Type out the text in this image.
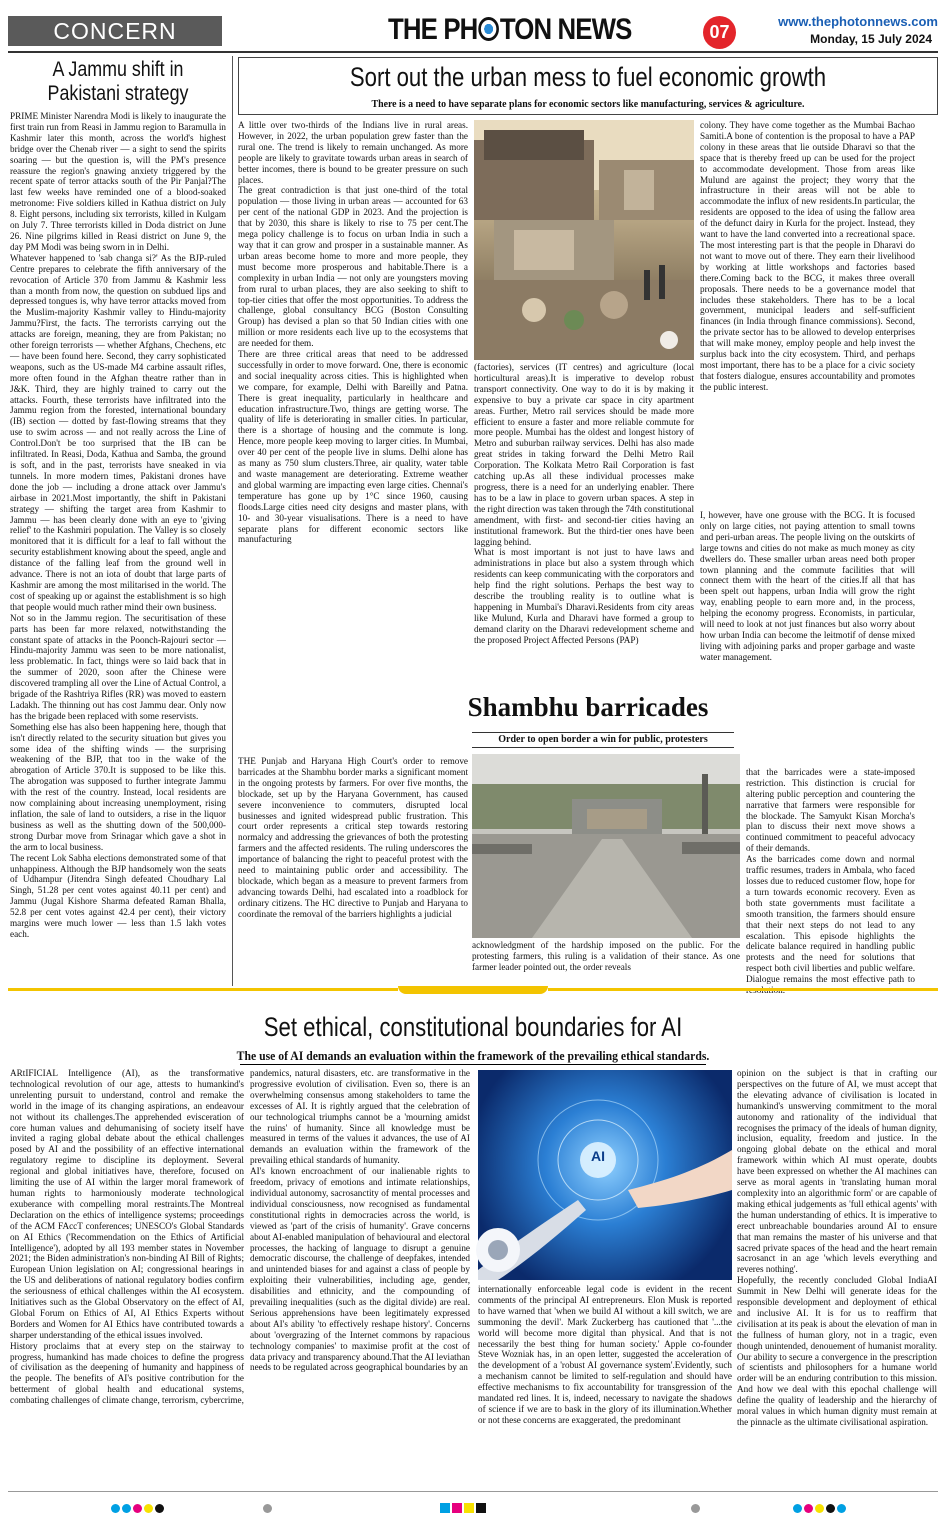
CONCERN	THE PH TON NEWS	07
www.thephotonnews.com
Monday, 15 July 2024
A Jammu shift in
Pakistani strategy

PRIME Minister Narendra Modi is likely to inaugurate the first train run from Reasi in Jammu region to Baramulla in Kashmir later this month, across the world's highest bridge over the Chenab river — a sight to send the spirits soaring — but the question is, will the PM's presence reassure the region's gnawing anxiety triggered by the recent spate of terror attacks south of the Pir Panjal?The last few weeks have reminded one of a blood-soaked metronome: Five soldiers killed in Kathua district on July 8. Eight persons, including six terrorists, killed in Kulgam on July 7. Three terrorists killed in Doda district on June 26. Nine pilgrims killed in Reasi district on June 9, the day PM Modi was being sworn in in Delhi.

Whatever happened to 'sab changa si?' As the BJP-ruled Centre prepares to celebrate the fifth anniversary of the revocation of Article 370 from Jammu & Kashmir less than a month from now, the question on subdued lips and depressed tongues is, why have terror attacks moved from the Muslim-majority Kashmir valley to Hindu-majority Jammu?First, the facts. The terrorists carrying out the attacks are foreign, meaning, they are from Pakistan; no other foreign terrorists — whether Afghans, Chechens, etc — have been found here. Second, they carry sophisticated weapons, such as the US-made M4 carbine assault rifles, more often found in the Afghan theatre rather than in J&K. Third, they are highly trained to carry out the attacks. Fourth, these terrorists have infiltrated into the Jammu region from the forested, international boundary (IB) section — dotted by fast-flowing streams that they use to swim across — and not really across the Line of Control.Don't be too surprised that the IB can be infiltrated. In Reasi, Doda, Kathua and Samba, the ground is soft, and in the past, terrorists have sneaked in via tunnels. In more modern times, Pakistani drones have done the job — including a drone attack over Jammu's airbase in 2021.Most importantly, the shift in Pakistani strategy — shifting the target area from Kashmir to Jammu — has been clearly done with an eye to 'giving relief' to the Kashmiri population. The Valley is so closely monitored that it is difficult for a leaf to fall without the security establishment knowing about the speed, angle and distance of the falling leaf from the ground well in advance. There is not an iota of doubt that large parts of Kashmir are among the most militarised in the world. The cost of speaking up or against the establishment is so high that people would much rather mind their own business.

Not so in the Jammu region. The securitisation of these parts has been far more relaxed, notwithstanding the constant spate of attacks in the Poonch-Rajouri sector — Hindu-majority Jammu was seen to be more nationalist, less problematic. In fact, things were so laid back that in the summer of 2020, soon after the Chinese were discovered trampling all over the Line of Actual Control, a brigade of the Rashtriya Rifles (RR) was moved to eastern Ladakh. The thinning out has cost Jammu dear. Only now has the brigade been replaced with some reservists.

Something else has also been happening here, though that isn't directly related to the security situation but gives you some idea of the shifting winds — the surprising weakening of the BJP, that too in the wake of the abrogation of Article 370.It is supposed to be like this. The abrogation was supposed to further integrate Jammu with the rest of the country. Instead, local residents are now complaining about increasing unemployment, rising inflation, the sale of land to outsiders, a rise in the liquor business as well as the shutting down of the 500,000-strong Durbar move from Srinagar which gave a shot in the arm to local business.

The recent Lok Sabha elections demonstrated some of that unhappiness. Although the BJP handsomely won the seats of Udhampur (Jitendra Singh defeated Choudhary Lal Singh, 51.28 per cent votes against 40.11 per cent) and Jammu (Jugal Kishore Sharma defeated Raman Bhalla, 52.8 per cent votes against 42.4 per cent), their victory margins were much lower — less than 1.5 lakh votes each.

Sort out the urban mess to fuel economic growth
There is a need to have separate plans for economic sectors like manufacturing, services & agriculture.

A little over two-thirds of the Indians live in rural areas. However, in 2022, the urban population grew faster than the rural one. The trend is likely to remain unchanged. As more people are likely to gravitate towards urban areas in search of better incomes, there is bound to be greater pressure on such places.

The great contradiction is that just one-third of the total population — those living in urban areas — accounted for 63 per cent of the national GDP in 2023. And the projection is that by 2030, this share is likely to rise to 75 per cent.The mega policy challenge is to focus on urban India in such a way that it can grow and prosper in a sustainable manner. As urban areas become home to more and more people, they must become more prosperous and habitable.There is a complexity in urban India — not only are youngsters moving from rural to urban places, they are also seeking to shift to top-tier cities that offer the most opportunities. To address the challenge, global consultancy BCG (Boston Consulting Group) has devised a plan so that 50 Indian cities with one million or more residents each live up to the ecosystems that are needed for them.

There are three critical areas that need to be addressed successfully in order to move forward. One, there is economic and social inequality across cities. This is highlighted when we compare, for example, Delhi with Bareilly and Patna. There is great inequality, particularly in healthcare and education infrastructure.Two, things are getting worse. The quality of life is deteriorating in smaller cities. In particular, there is a shortage of housing and the commute is long. Hence, more people keep moving to larger cities. In Mumbai, over 40 per cent of the people live in slums. Delhi alone has as many as 750 slum clusters.Three, air quality, water table and waste management are deteriorating. Extreme weather and global warming are impacting even large cities. Chennai's temperature has gone up by 1°C since 1960, causing floods.Large cities need city designs and master plans, with 10- and 30-year visualisations. There is a need to have separate plans for different economic sectors like manufacturing

(factories), services (IT centres) and agriculture (local horticultural areas).It is imperative to develop robust transport connectivity. One way to do it is by making it expensive to buy a private car space in city apartment areas. Further, Metro rail services should be made more efficient to ensure a faster and more reliable commute for more people. Mumbai has the oldest and longest history of Metro and suburban railway services. Delhi has also made great strides in taking forward the Delhi Metro Rail Corporation. The Kolkata Metro Rail Corporation is fast catching up.As all these individual processes make progress, there is a need for an underlying enabler. There has to be a law in place to govern urban spaces. A step in the right direction was taken through the 74th constitutional amendment, with first- and second-tier cities having an institutional framework. But the third-tier ones have been lagging behind.

What is most important is not just to have laws and administrations in place but also a system through which residents can keep communicating with the corporators and help find the right solutions. Perhaps the best way to describe the troubling reality is to outline what is happening in Mumbai's Dharavi.Residents from city areas like Mulund, Kurla and Dharavi have formed a group to demand clarity on the Dharavi redevelopment scheme and the proposed Project Affected Persons (PAP)

colony. They have come together as the Mumbai Bachao Samiti.A bone of contention is the proposal to have a PAP colony in these areas that lie outside Dharavi so that the space that is thereby freed up can be used for the project to accommodate development. Those from areas like Mulund are against the project; they worry that the infrastructure in their areas will not be able to accommodate the influx of new residents.In particular, the residents are opposed to the idea of using the fallow area of the defunct dairy in Kurla for the project. Instead, they want to have the land converted into a recreational space. The most interesting part is that the people in Dharavi do not want to move out of there. They earn their livelihood by working at little workshops and factories based there.Coming back to the BCG, it makes three overall proposals. There needs to be a governance model that includes these stakeholders. There has to be a local government, municipal leaders and self-sufficient finances (in India through finance commissions). Second, the private sector has to be allowed to develop enterprises that will make money, employ people and help invest the surplus back into the city ecosystem. Third, and perhaps most important, there has to be a place for a civic society that fosters dialogue, ensures accountability and promotes the public interest.

I, however, have one grouse with the BCG. It is focused only on large cities, not paying attention to small towns and peri-urban areas. The people living on the outskirts of large towns and cities do not make as much money as city dwellers do. These smaller urban areas need both proper town planning and the commute facilities that will connect them with the heart of the cities.If all that has been spelt out happens, urban India will grow the right way, enabling people to earn more and, in the process, helping the economy progress. Economists, in particular, will need to look at not just finances but also worry about how urban India can become the leitmotif of dense mixed living with adjoining parks and proper garbage and waste water management.

Shambhu barricades
Order to open border a win for public, protesters

THE Punjab and Haryana High Court's order to remove barricades at the Shambhu border marks a significant moment in the ongoing protests by farmers. For over five months, the blockade, set up by the Haryana Government, has caused severe inconvenience to commuters, disrupted local businesses and ignited widespread public frustration. This court order represents a critical step towards restoring normalcy and addressing the grievances of both the protesting farmers and the affected residents. The ruling underscores the importance of balancing the right to peaceful protest with the need to maintaining public order and accessibility. The blockade, which began as a measure to prevent farmers from advancing towards Delhi, had escalated into a roadblock for ordinary citizens. The HC directive to Punjab and Haryana to coordinate the removal of the barriers highlights a judicial

acknowledgment of the hardship imposed on the public. For the protesting farmers, this ruling is a validation of their stance. As one farmer leader pointed out, the order reveals

that the barricades were a state-imposed restriction. This distinction is crucial for altering public perception and countering the narrative that farmers were responsible for the blockade. The Samyukt Kisan Morcha's plan to discuss their next move shows a continued commitment to peaceful advocacy of their demands.
As the barricades come down and normal traffic resumes, traders in Ambala, who faced losses due to reduced customer flow, hope for a turn towards economic recovery. Even as both state governments must facilitate a smooth transition, the farmers should ensure that their next steps do not lead to any escalation. This episode highlights the delicate balance required in handling public protests and the need for solutions that respect both civil liberties and public welfare. Dialogue remains the most effective path to

Set ethical, constitutional boundaries for AI
The use of AI demands an evaluation within the framework of the prevailing ethical standards.

ARtIFICIAL Intelligence (AI), as the transformative technological revolution of our age, attests to humankind's unrelenting pursuit to understand, control and remake the world in the image of its changing aspirations, an endeavour not without its challenges.The apprehended evisceration of core human values and dehumanising of society itself have invited a raging global debate about the ethical challenges posed by AI and the possibility of an effective international regulatory regime to discipline its deployment. Several regional and global initiatives have, therefore, focused on limiting the use of AI within the larger moral framework of human rights to harmoniously moderate technological exuberance with compelling moral restraints.The Montreal Declaration on the ethics of intelligence systems; proceedings of the ACM FAccT conferences; UNESCO's Global Standards on AI Ethics ('Recommendation on the Ethics of Artificial Intelligence'), adopted by all 193 member states in November 2021; the Biden administration's non-binding AI Bill of Rights; European Union legislation on AI; congressional hearings in the US and deliberations of national regulatory bodies confirm the seriousness of ethical challenges within the AI ecosystem. Initiatives such as the Global Observatory on the effect of AI, Global Forum on Ethics of AI, AI Ethics Experts without Borders and Women for AI Ethics have contributed towards a sharper understanding of the ethical issues involved.

History proclaims that at every step on the stairway to progress, humankind has made choices to define the progress of civilisation as the deepening of humanity and happiness of the people. The benefits of AI's positive contribution for the betterment of global health and educational systems, combating challenges of climate change, terrorism, cybercrime,

pandemics, natural disasters, etc. are transformative in the progressive evolution of civilisation. Even so, there is an overwhelming consensus among stakeholders to tame the excesses of AI. It is rightly argued that the celebration of our technological triumphs cannot be a 'mourning amidst the ruins' of humanity. Since all knowledge must be measured in terms of the values it advances, the use of AI demands an evaluation within the framework of the prevailing ethical standards of humanity.

AI's known encroachment of our inalienable rights to freedom, privacy of emotions and intimate relationships, individual autonomy, sacrosanctity of mental processes and individual consciousness, now recognised as fundamental constitutional rights in democracies across the world, is viewed as 'part of the crisis of humanity'. Grave concerns about AI-enabled manipulation of behavioural and electoral processes, the hacking of language to disrupt a genuine democratic discourse, the challenge of deepfakes, intended and unintended biases for and against a class of people by exploiting their vulnerabilities, including age, gender, disabilities and ethnicity, and the compounding of prevailing inequalities (such as the digital divide) are real. Serious apprehensions have been legitimately expressed about AI's ability 'to effectively reshape history'. Concerns about 'overgrazing of the Internet commons by rapacious technology companies' to maximise profit at the cost of data privacy and transparency abound.That the AI leviathan needs to be regulated across geographical boundaries by an

AI

internationally enforceable legal code is evident in the recent comments of the principal AI entrepreneurs. Elon Musk is reported to have warned that 'when we build AI without a kill switch, we are summoning the devil'. Mark Zuckerberg has cautioned that '...the world will become more digital than physical. And that is not necessarily the best thing for human society.' Apple co-founder Steve Wozniak has, in an open letter, suggested the acceleration of the development of a 'robust AI governance system'.Evidently, such a mechanism cannot be limited to self-regulation and should have effective mechanisms to fix accountability for transgression of the mandated red lines. It is, indeed, necessary to navigate the shadows of science if we are to bask in the glory of its illumination.Whether or not these concerns are exaggerated, the predominant

opinion on the subject is that in crafting our perspectives on the future of AI, we must accept that the elevating advance of civilisation is located in humankind's unswerving commitment to the moral autonomy and rationality of the individual that recognises the primacy of the ideals of human dignity, inclusion, equality, freedom and justice. In the ongoing global debate on the ethical and moral framework within which AI must operate, doubts have been expressed on whether the AI machines can serve as moral agents in 'translating human moral complexity into an algorithmic form' or are capable of making ethical judgements as 'full ethical agents' with the human understanding of ethics. It is imperative to erect unbreachable boundaries around AI to ensure that man remains the master of his universe and that sacred private spaces of the head and the heart remain sacrosanct in an age 'which levels everything and reveres nothing'.

Hopefully, the recently concluded Global IndiaAI Summit in New Delhi will generate ideas for the responsible development and deployment of ethical and inclusive AI. It is for us to reaffirm that civilisation at its peak is about the elevation of man in the fullness of human glory, not in a tragic, even though unintended, denouement of humanist morality. Our ability to secure a convergence in the prescription of scientists and philosophers for a humane world order will be an enduring contribution to this mission. And how we deal with this epochal challenge will define the quality of leadership and the hierarchy of moral values in which human dignity must remain at the pinnacle as the ultimate civilisational aspiration.
